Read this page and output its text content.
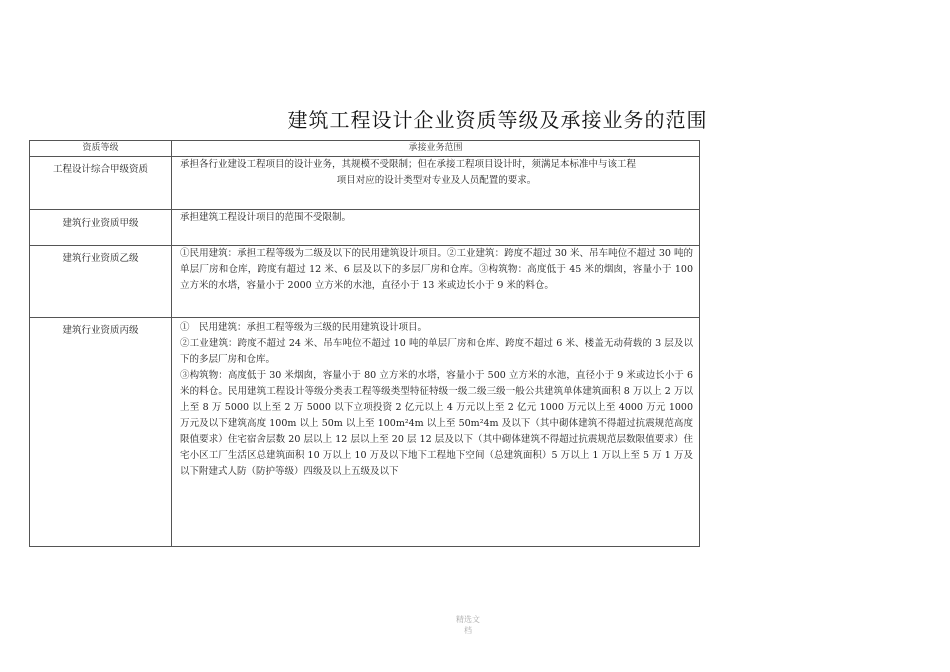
建筑工程设计企业资质等级及承接业务的范围
资质等级	承接业务范围
工程设计综合甲级资质	承担各行业建设工程项目的设计业务，其规模不受限制；但在承接工程项目设计时，须满足本标准中与该工程
项目对应的设计类型对专业及人员配置的要求。

建筑行业资质甲级	承担建筑工程设计项目的范围不受限制。
建筑行业资质乙级	①民用建筑：承担工程等级为二级及以下的民用建筑设计项目。②工业建筑：跨度不超过 30 米、吊车吨位不超过 30 吨的单层厂房和仓库，跨度有超过 12 米、6 层及以下的多层厂房和仓库。③构筑物：高度低于 45 米的烟囱，容量小于 100 立方米的水塔，容量小于 2000 立方米的水池，直径小于 13 米或边长小于 9 米的料仓。
建筑行业资质丙级	①　民用建筑：承担工程等级为三级的民用建筑设计项目。
②工业建筑：跨度不超过 24 米、吊车吨位不超过 10 吨的单层厂房和仓库、跨度不超过 6 米、楼盖无动荷载的 3 层及以下的多层厂房和仓库。
③构筑物：高度低于 30 米烟囱，容量小于 80 立方米的水塔，容量小于 500 立方米的水池，直径小于 9 米或边长小于 6 米的料仓。民用建筑工程设计等级分类表工程等级类型特征特级一级二级三级一般公共建筑单体建筑面积 8 万以上 2 万以上至 8 万 5000 以上至 2 万 5000 以下立项投资 2 亿元以上 4 万元以上至 2 亿元 1000 万元以上至 4000 万元 1000 万元及以下建筑高度 100m 以上 50m 以上至 100m²4m 以上至 50m²4m 及以下（其中砌体建筑不得超过抗震规范高度限值要求）住宅宿舍层数 20 层以上 12 层以上至 20 层 12 层及以下（其中砌体建筑不得超过抗震规范层数限值要求）住宅小区工厂生活区总建筑面积 10 万以上 10 万及以下地下工程地下空间（总建筑面积）5 万以上 1 万以上至 5 万 1 万及以下附建式人防（防护等级）四级及以上五级及以下
精选文
档
